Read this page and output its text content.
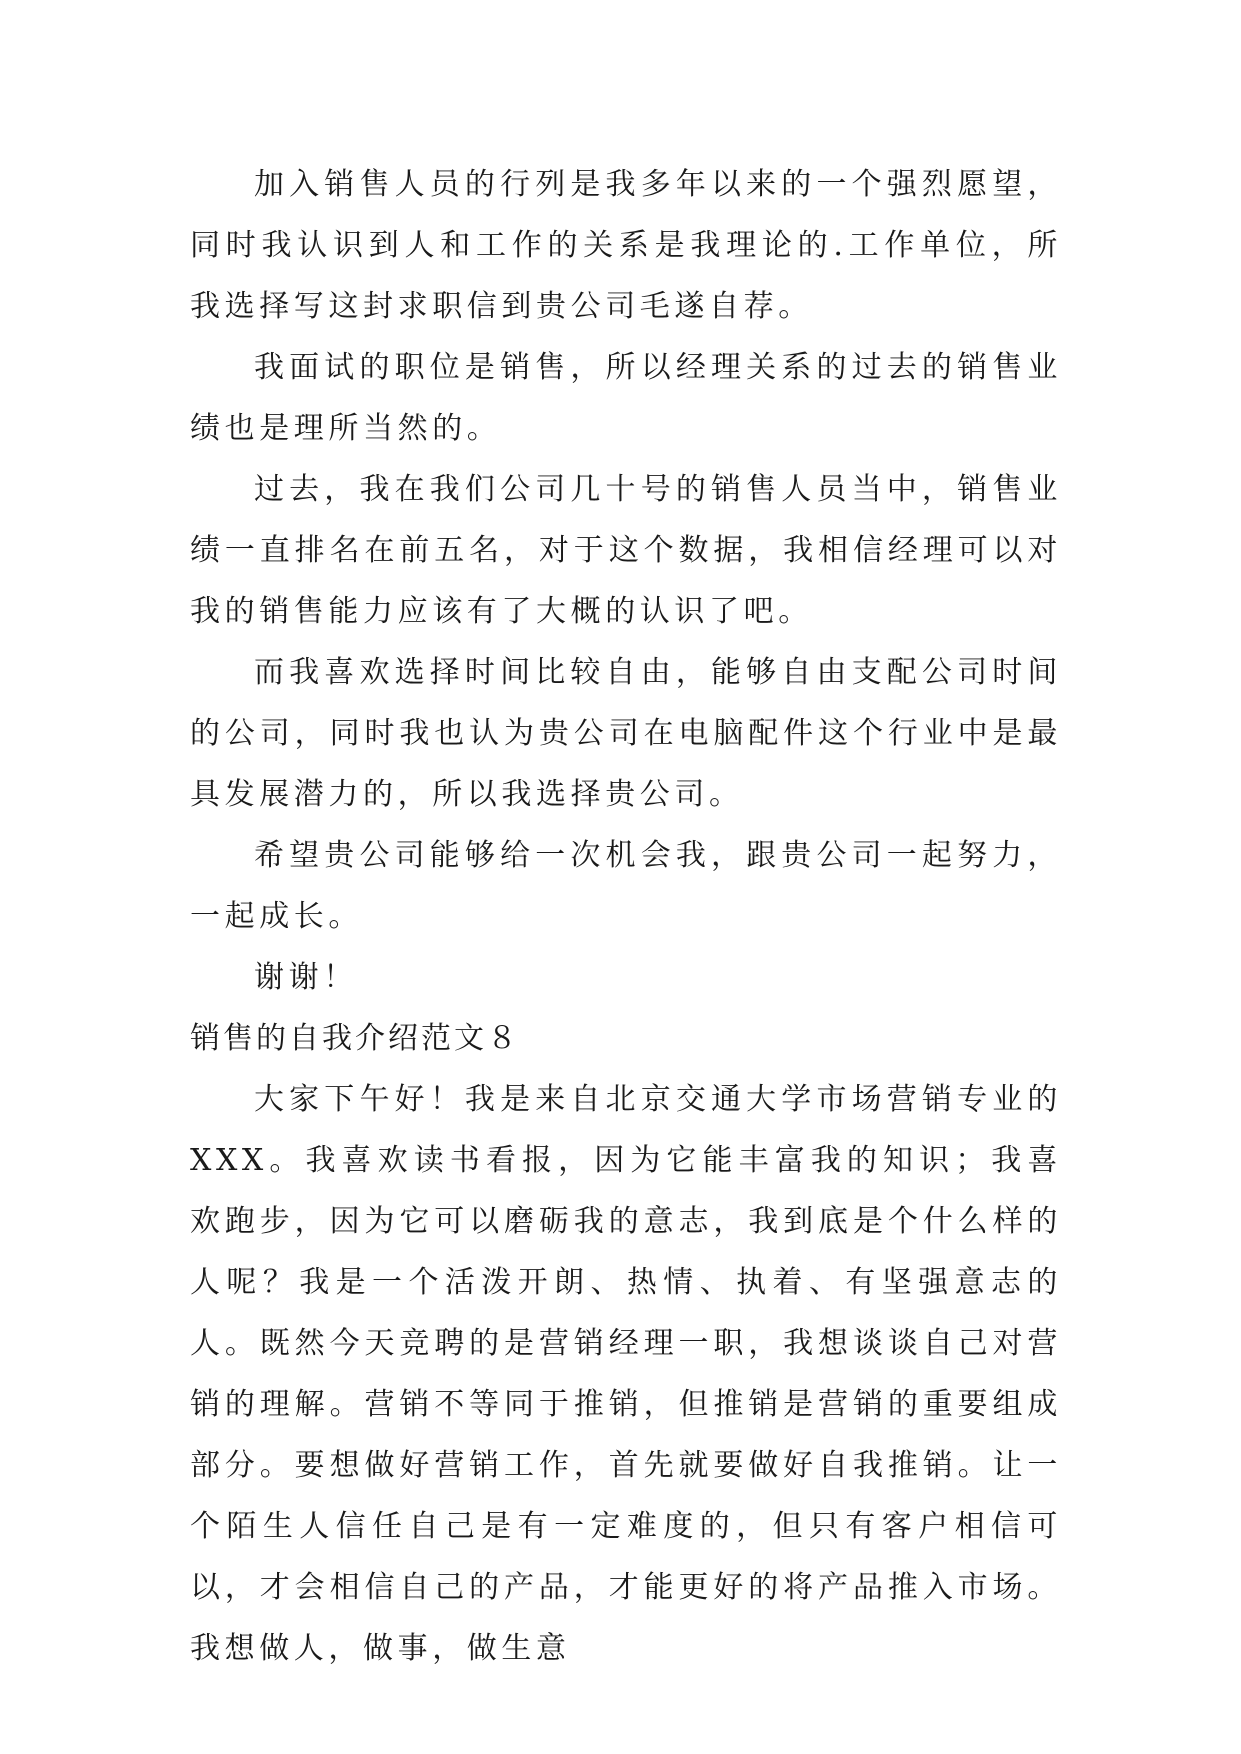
加入销售人员的行列是我多年以来的一个强烈愿望，同时我认识到人和工作的关系是我理论的.工作单位，所我选择写这封求职信到贵公司毛遂自荐。

我面试的职位是销售，所以经理关系的过去的销售业绩也是理所当然的。

过去，我在我们公司几十号的销售人员当中，销售业绩一直排名在前五名，对于这个数据，我相信经理可以对我的销售能力应该有了大概的认识了吧。

而我喜欢选择时间比较自由，能够自由支配公司时间的公司，同时我也认为贵公司在电脑配件这个行业中是最具发展潜力的，所以我选择贵公司。

希望贵公司能够给一次机会我，跟贵公司一起努力，一起成长。

谢谢！

销售的自我介绍范文８

大家下午好！我是来自北京交通大学市场营销专业的XXX。我喜欢读书看报，因为它能丰富我的知识；我喜欢跑步，因为它可以磨砺我的意志，我到底是个什么样的人呢？我是一个活泼开朗、热情、执着、有坚强意志的人。既然今天竞聘的是营销经理一职，我想谈谈自己对营销的理解。营销不等同于推销，但推销是营销的重要组成部分。要想做好营销工作，首先就要做好自我推销。让一个陌生人信任自己是有一定难度的，但只有客户相信可以，才会相信自己的产品，才能更好的将产品推入市场。我想做人，做事，做生意
